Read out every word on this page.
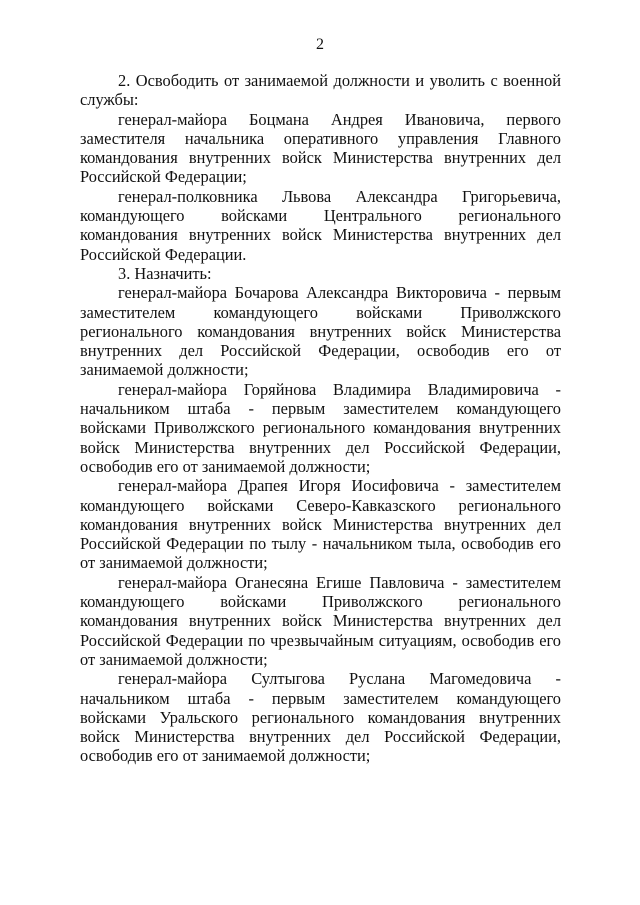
2

2. Освободить от занимаемой должности и уволить с военной службы:

генерал-майора Боцмана Андрея Ивановича, первого заместителя начальника оперативного управления Главного командования внутренних войск Министерства внутренних дел Российской Федерации;

генерал-полковника Львова Александра Григорьевича, командующего войсками Центрального регионального командования внутренних войск Министерства внутренних дел Российской Федерации.

3. Назначить:

генерал-майора Бочарова Александра Викторовича - первым заместителем командующего войсками Приволжского регионального командования внутренних войск Министерства внутренних дел Российской Федерации, освободив его от занимаемой должности;

генерал-майора Горяйнова Владимира Владимировича - начальником штаба - первым заместителем командующего войсками Приволжского регионального командования внутренних войск Министерства внутренних дел Российской Федерации, освободив его от занимаемой должности;

генерал-майора Драпея Игоря Иосифовича - заместителем командующего войсками Северо-Кавказского регионального командования внутренних войск Министерства внутренних дел Российской Федерации по тылу - начальником тыла, освободив его от занимаемой должности;

генерал-майора Оганесяна Егише Павловича - заместителем командующего войсками Приволжского регионального командования внутренних войск Министерства внутренних дел Российской Федерации по чрезвычайным ситуациям, освободив его от занимаемой должности;

генерал-майора Султыгова Руслана Магомедовича - начальником штаба - первым заместителем командующего войсками Уральского регионального командования внутренних войск Министерства внутренних дел Российской Федерации, освободив его от занимаемой должности;
